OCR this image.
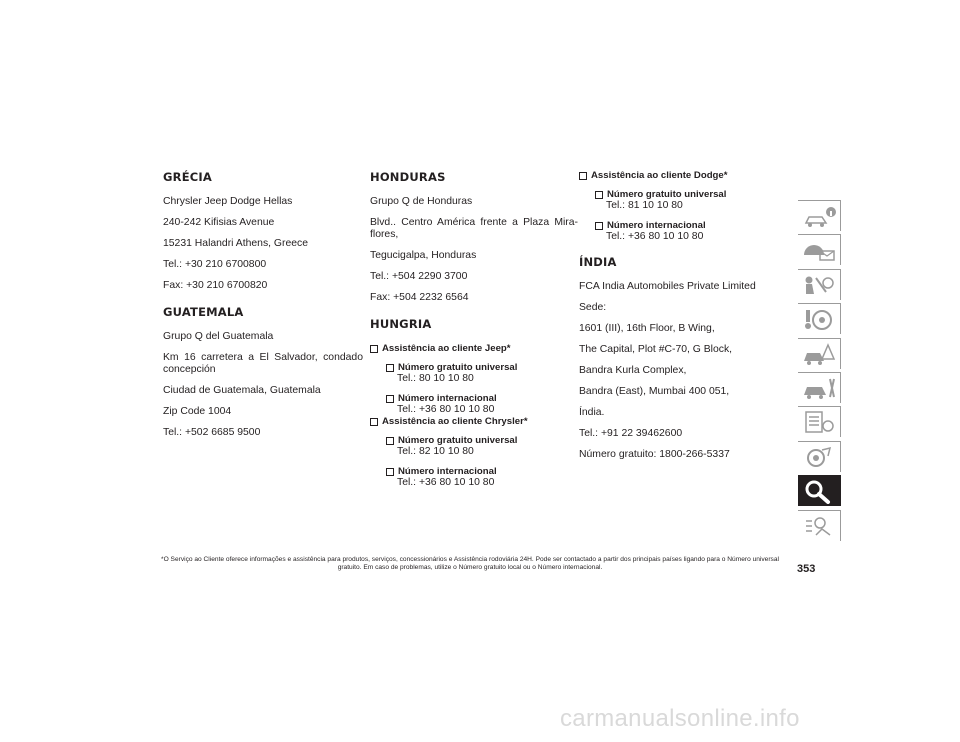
GRÉCIA

Chrysler Jeep Dodge Hellas

240-242 Kifisias Avenue

15231 Halandri Athens, Greece

Tel.: +30 210 6700800

Fax: +30 210 6700820

GUATEMALA

Grupo Q del Guatemala

Km 16 carretera a El Salvador, condado concepción

Ciudad de Guatemala, Guatemala

Zip Code 1004

Tel.: +502 6685 9500

HONDURAS

Grupo Q de Honduras

Blvd.. Centro América frente a Plaza Mira-flores,

Tegucigalpa, Honduras

Tel.: +504 2290 3700

Fax: +504 2232 6564

HUNGRIA
Assistência ao cliente Jeep*
Número gratuito universal
Tel.: 80 10 10 80
Número internacional
Tel.: +36 80 10 10 80
Assistência ao cliente Chrysler*
Número gratuito universal
Tel.: 82 10 10 80
Número internacional
Tel.: +36 80 10 10 80
Assistência ao cliente Dodge*
Número gratuito universal
Tel.: 81 10 10 80
Número internacional
Tel.: +36 80 10 10 80
ÍNDIA

FCA India Automobiles Private Limited

Sede:

1601 (III), 16th Floor, B Wing,

The Capital, Plot #C-70, G Block,

Bandra Kurla Complex,

Bandra (East), Mumbai 400 051,

Índia.

Tel.: +91 22 39462600

Número gratuito: 1800-266-5337

*O Serviço ao Cliente oferece informações e assistência para produtos, serviços, concessionários e Assistência rodoviária 24H. Pode ser contactado a partir dos principais países ligando para o Número universal gratuito. Em caso de problemas, utilize o Número gratuito local ou o Número internacional.	353
carmanualsonline.info
